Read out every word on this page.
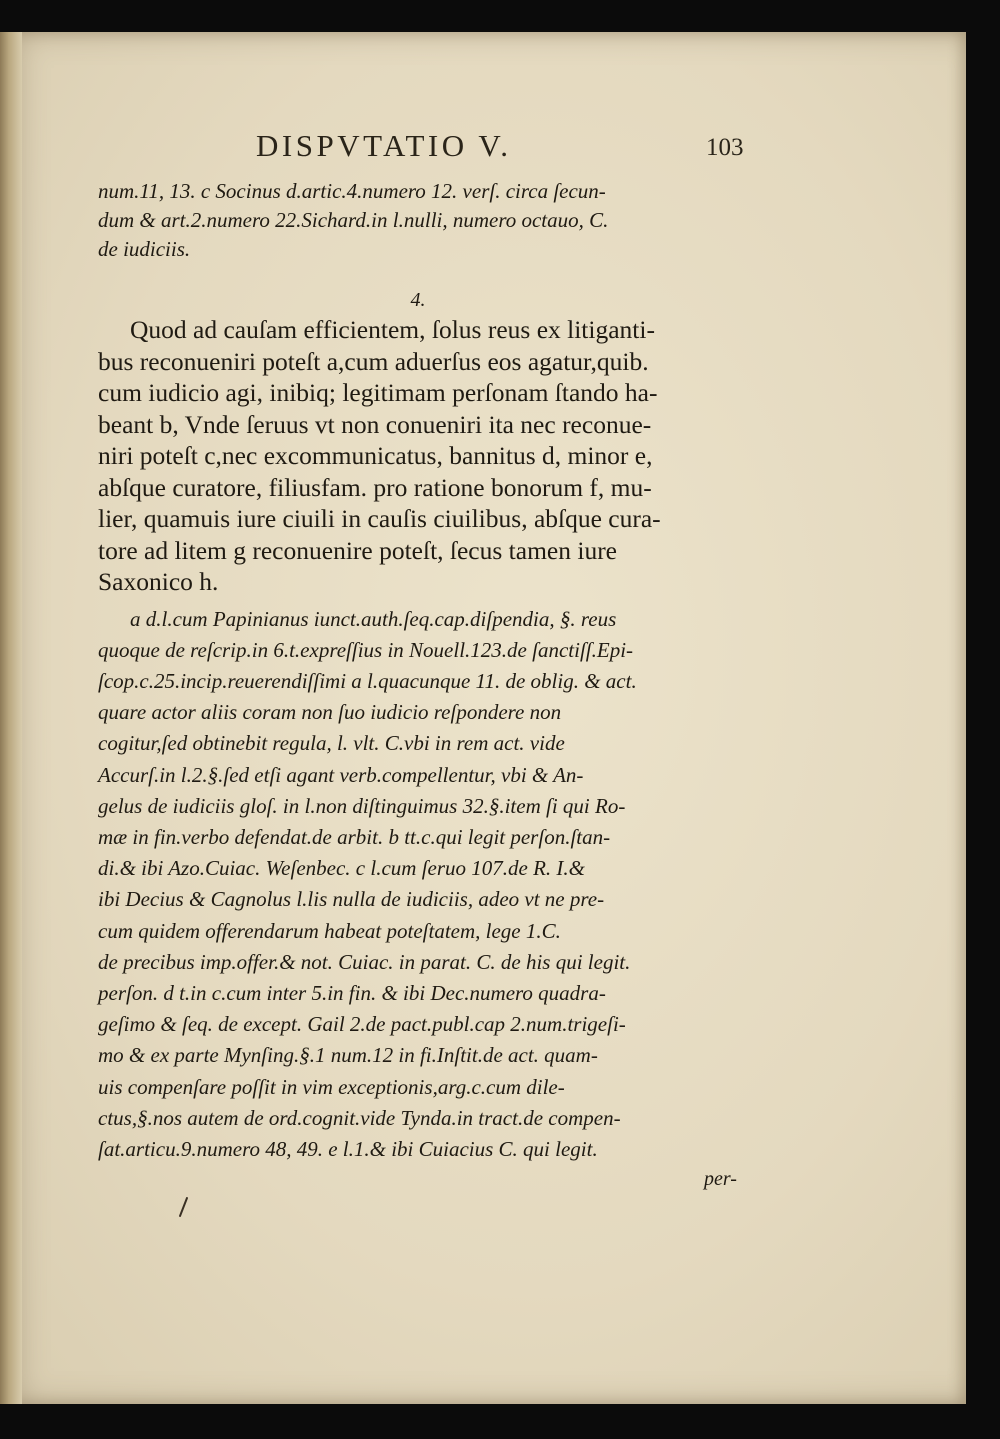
DISPVTATIO V.	103
num.11, 13. c Socinus d.artic.4.numero 12. verſ. circa ſecun-
dum & art.2.numero 22.Sichard.in l.nulli, numero octauo, C.
de iudiciis.
4.
Quod ad cauſam efficientem, ſolus reus ex litiganti-
bus reconueniri poteſt a,cum aduerſus eos agatur,quib.
cum iudicio agi, inibiq; legitimam perſonam ſtando ha-
beant b, Vnde ſeruus vt non conueniri ita nec reconue-
niri poteſt c,nec excommunicatus, bannitus d, minor e,
abſque curatore, filiusfam. pro ratione bonorum f, mu-
lier, quamuis iure ciuili in cauſis ciuilibus, abſque cura-
tore ad litem g reconuenire poteſt, ſecus tamen iure
Saxonico h.
a d.l.cum Papinianus iunct.auth.ſeq.cap.diſpendia, §. reus
quoque de reſcrip.in 6.t.expreſſius in Nouell.123.de ſanctiſſ.Epi-
ſcop.c.25.incip.reuerendiſſimi a l.quacunque 11. de oblig. & act.
quare actor aliis coram non ſuo iudicio reſpondere non
cogitur,ſed obtinebit regula, l. vlt. C.vbi in rem act. vide
Accurſ.in l.2.§.ſed etſi agant verb.compellentur, vbi & An-
gelus de iudiciis gloſ. in l.non diſtinguimus 32.§.item ſi qui Ro-
mæ in fin.verbo defendat.de arbit. b tt.c.qui legit perſon.ſtan-
di.& ibi Azo.Cuiac. Weſenbec. c l.cum ſeruo 107.de R. I.&
ibi Decius & Cagnolus l.lis nulla de iudiciis, adeo vt ne pre-
cum quidem offerendarum habeat poteſtatem, lege 1.C.
de precibus imp.offer.& not. Cuiac. in parat. C. de his qui legit.
perſon. d t.in c.cum inter 5.in fin. & ibi Dec.numero quadra-
geſimo & ſeq. de except. Gail 2.de pact.publ.cap 2.num.trigeſi-
mo & ex parte Mynſing.§.1 num.12 in fi.Inſtit.de act. quam-
uis compenſare poſſit in vim exceptionis,arg.c.cum dile-
ctus,§.nos autem de ord.cognit.vide Tynda.in tract.de compen-
ſat.articu.9.numero 48, 49. e l.1.& ibi Cuiacius C. qui legit.
per-
